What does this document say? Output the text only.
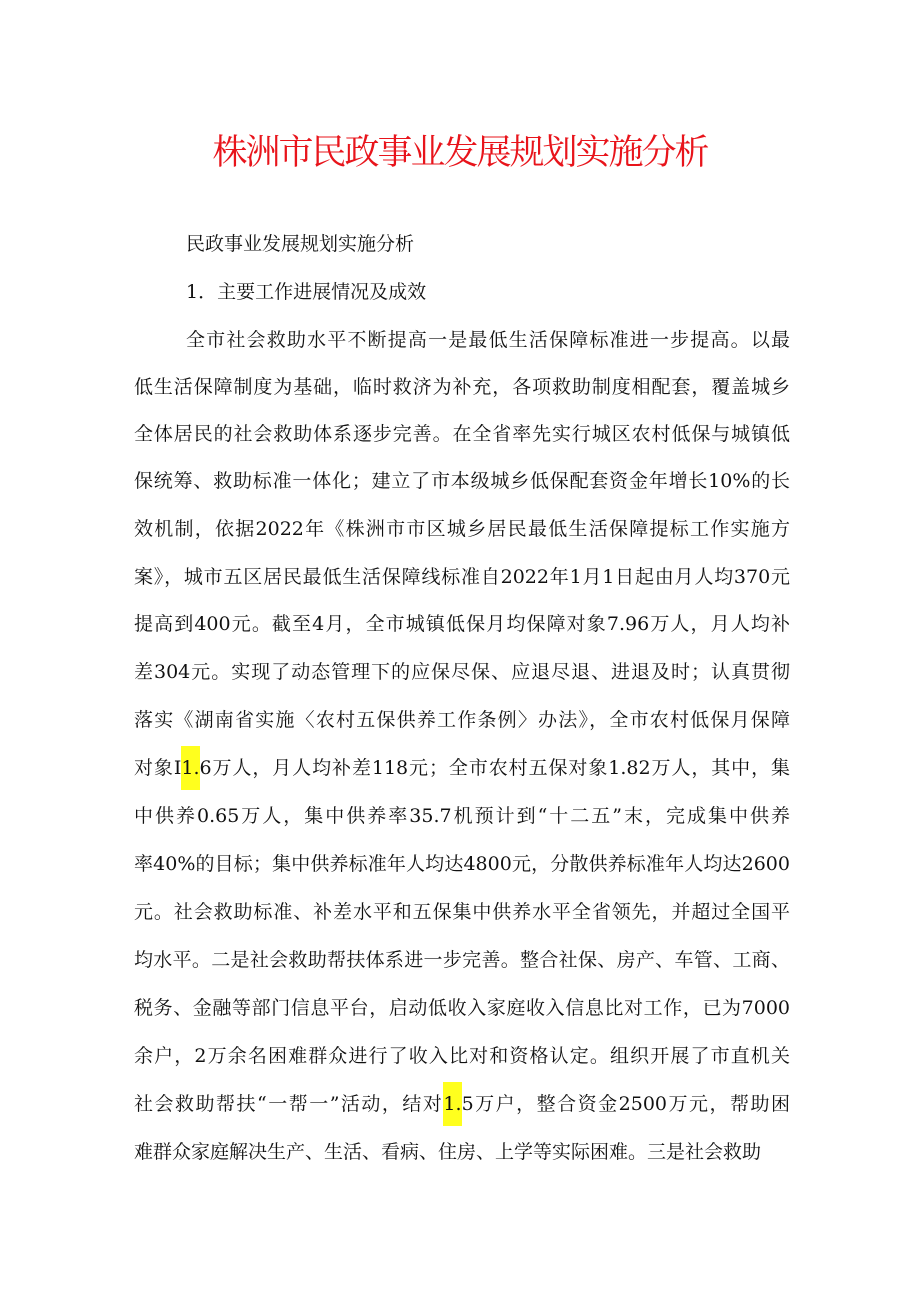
株洲市民政事业发展规划实施分析

民政事业发展规划实施分析

1．主要工作进展情况及成效

全市社会救助水平不断提高一是最低生活保障标准进一步提高。以最

低生活保障制度为基础，临时救济为补充，各项救助制度相配套，覆盖城乡

全体居民的社会救助体系逐步完善。在全省率先实行城区农村低保与城镇低

保统筹、救助标准一体化；建立了市本级城乡低保配套资金年增长10%的长

效机制，依据2022年《株洲市市区城乡居民最低生活保障提标工作实施方

案》，城市五区居民最低生活保障线标准自2022年1月1日起由月人均370元

提高到400元。截至4月，全市城镇低保月均保障对象7.96万人，月人均补

差304元。实现了动态管理下的应保尽保、应退尽退、进退及时；认真贯彻

落实《湖南省实施〈农村五保供养工作条例〉办法》，全市农村低保月保障

对象I1.6万人，月人均补差118元；全市农村五保对象1.82万人，其中，集

中供养0.65万人，集中供养率35.7机预计到“十二五”末，完成集中供养

率40%的目标；集中供养标准年人均达4800元，分散供养标准年人均达2600

元。社会救助标准、补差水平和五保集中供养水平全省领先，并超过全国平

均水平。二是社会救助帮扶体系进一步完善。整合社保、房产、车管、工商、

税务、金融等部门信息平台，启动低收入家庭收入信息比对工作，已为7000

余户，2万余名困难群众进行了收入比对和资格认定。组织开展了市直机关

社会救助帮扶“一帮一”活动，结对1.5万户，整合资金2500万元，帮助困

难群众家庭解决生产、生活、看病、住房、上学等实际困难。三是社会救助
